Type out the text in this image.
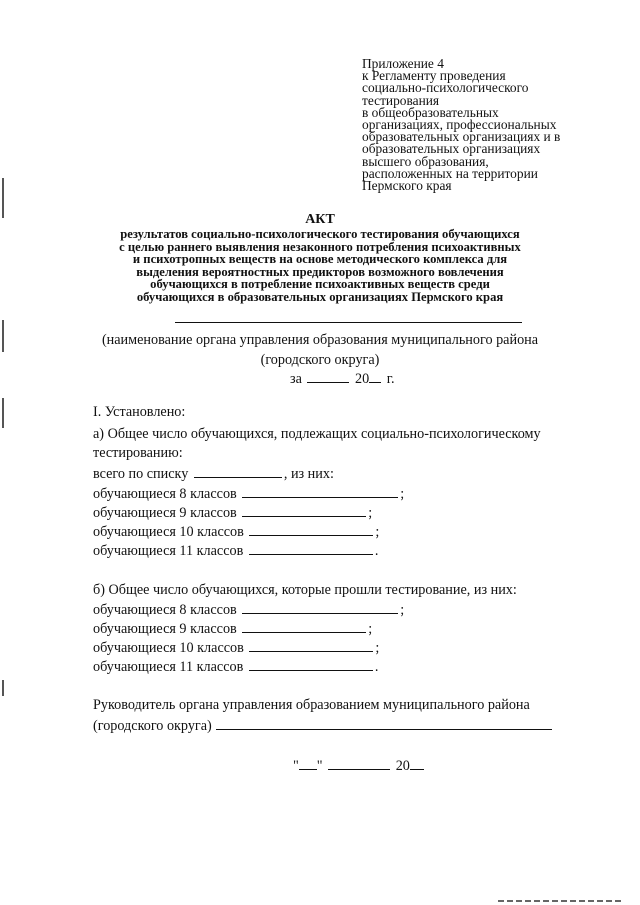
Приложение 4
к Регламенту проведения
социально-психологического
тестирования
в общеобразовательных
организациях, профессиональных
образовательных организациях и в
образовательных организациях
высшего образования,
расположенных на территории
Пермского края
АКТ
результатов социально-психологического тестирования обучающихся
с целью раннего выявления незаконного потребления психоактивных
и психотропных веществ на основе методического комплекса для
выделения вероятностных предикторов возможного вовлечения
обучающихся в потребление психоактивных веществ среди
обучающихся в образовательных организациях Пермского края
(наименование органа управления образования муниципального района
(городского округа)
за	20 г.
I. Установлено:
а) Общее число обучающихся, подлежащих социально-психологическому
тестированию:
всего по списку	, из них:
обучающиеся 8 классов	;
обучающиеся 9 классов	;
обучающиеся 10 классов	;
обучающиеся 11 классов	.
б) Общее число обучающихся, которые прошли тестирование, из них:
обучающиеся 8 классов	;
обучающиеся 9 классов	;
обучающиеся 10 классов	;
обучающиеся 11 классов	.
Руководитель органа управления образованием муниципального района
(городского округа)
" "	20
